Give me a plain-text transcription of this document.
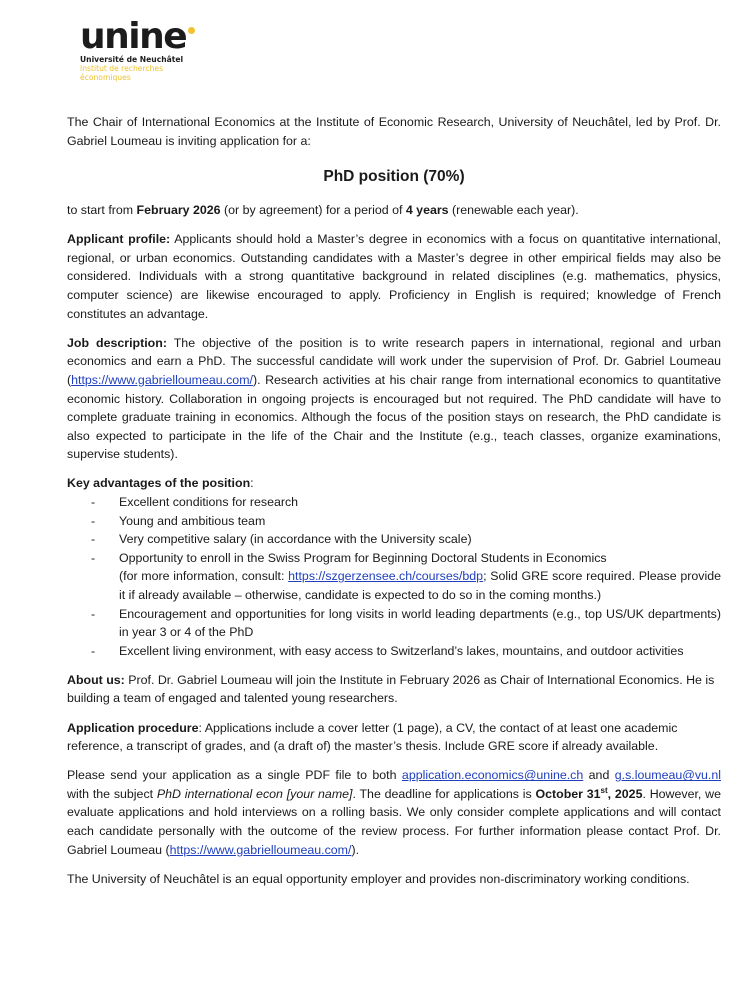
unine
Université de Neuchâtel
Institut de recherches
économiques

The Chair of International Economics at the Institute of Economic Research, University of Neuchâtel, led by Prof. Dr. Gabriel Loumeau is inviting application for a:

PhD position (70%)

to start from February 2026 (or by agreement) for a period of 4 years (renewable each year).

Applicant profile: Applicants should hold a Master’s degree in economics with a focus on quantitative international, regional, or urban economics. Outstanding candidates with a Master’s degree in other empirical fields may also be considered. Individuals with a strong quantitative background in related disciplines (e.g. mathematics, physics, computer science) are likewise encouraged to apply. Proficiency in English is required; knowledge of French constitutes an advantage.

Job description: The objective of the position is to write research papers in international, regional and urban economics and earn a PhD. The successful candidate will work under the supervision of Prof. Dr. Gabriel Loumeau (https://www.gabrielloumeau.com/). Research activities at his chair range from international economics to quantitative economic history. Collaboration in ongoing projects is encouraged but not required. The PhD candidate will have to complete graduate training in economics. Although the focus of the position stays on research, the PhD candidate is also expected to participate in the life of the Chair and the Institute (e.g., teach classes, organize examinations, supervise students).

Key advantages of the position:

- Excellent conditions for research
- Young and ambitious team
- Very competitive salary (in accordance with the University scale)
- Opportunity to enroll in the Swiss Program for Beginning Doctoral Students in Economics
(for more information, consult: https://szgerzensee.ch/courses/bdp; Solid GRE score required. Please provide it if already available – otherwise, candidate is expected to do so in the coming months.)
- Encouragement and opportunities for long visits in world leading departments (e.g., top US/UK departments) in year 3 or 4 of the PhD
- Excellent living environment, with easy access to Switzerland’s lakes, mountains, and outdoor activities

About us: Prof. Dr. Gabriel Loumeau will join the Institute in February 2026 as Chair of International Economics. He is building a team of engaged and talented young researchers.

Application procedure: Applications include a cover letter (1 page), a CV, the contact of at least one academic reference, a transcript of grades, and (a draft of) the master’s thesis. Include GRE score if already available.

Please send your application as a single PDF file to both application.economics@unine.ch and g.s.loumeau@vu.nl with the subject PhD international econ [your name]. The deadline for applications is October 31st, 2025. However, we evaluate applications and hold interviews on a rolling basis. We only consider complete applications and will contact each candidate personally with the outcome of the review process. For further information please contact Prof. Dr. Gabriel Loumeau (https://www.gabrielloumeau.com/).

The University of Neuchâtel is an equal opportunity employer and provides non-discriminatory working conditions.
